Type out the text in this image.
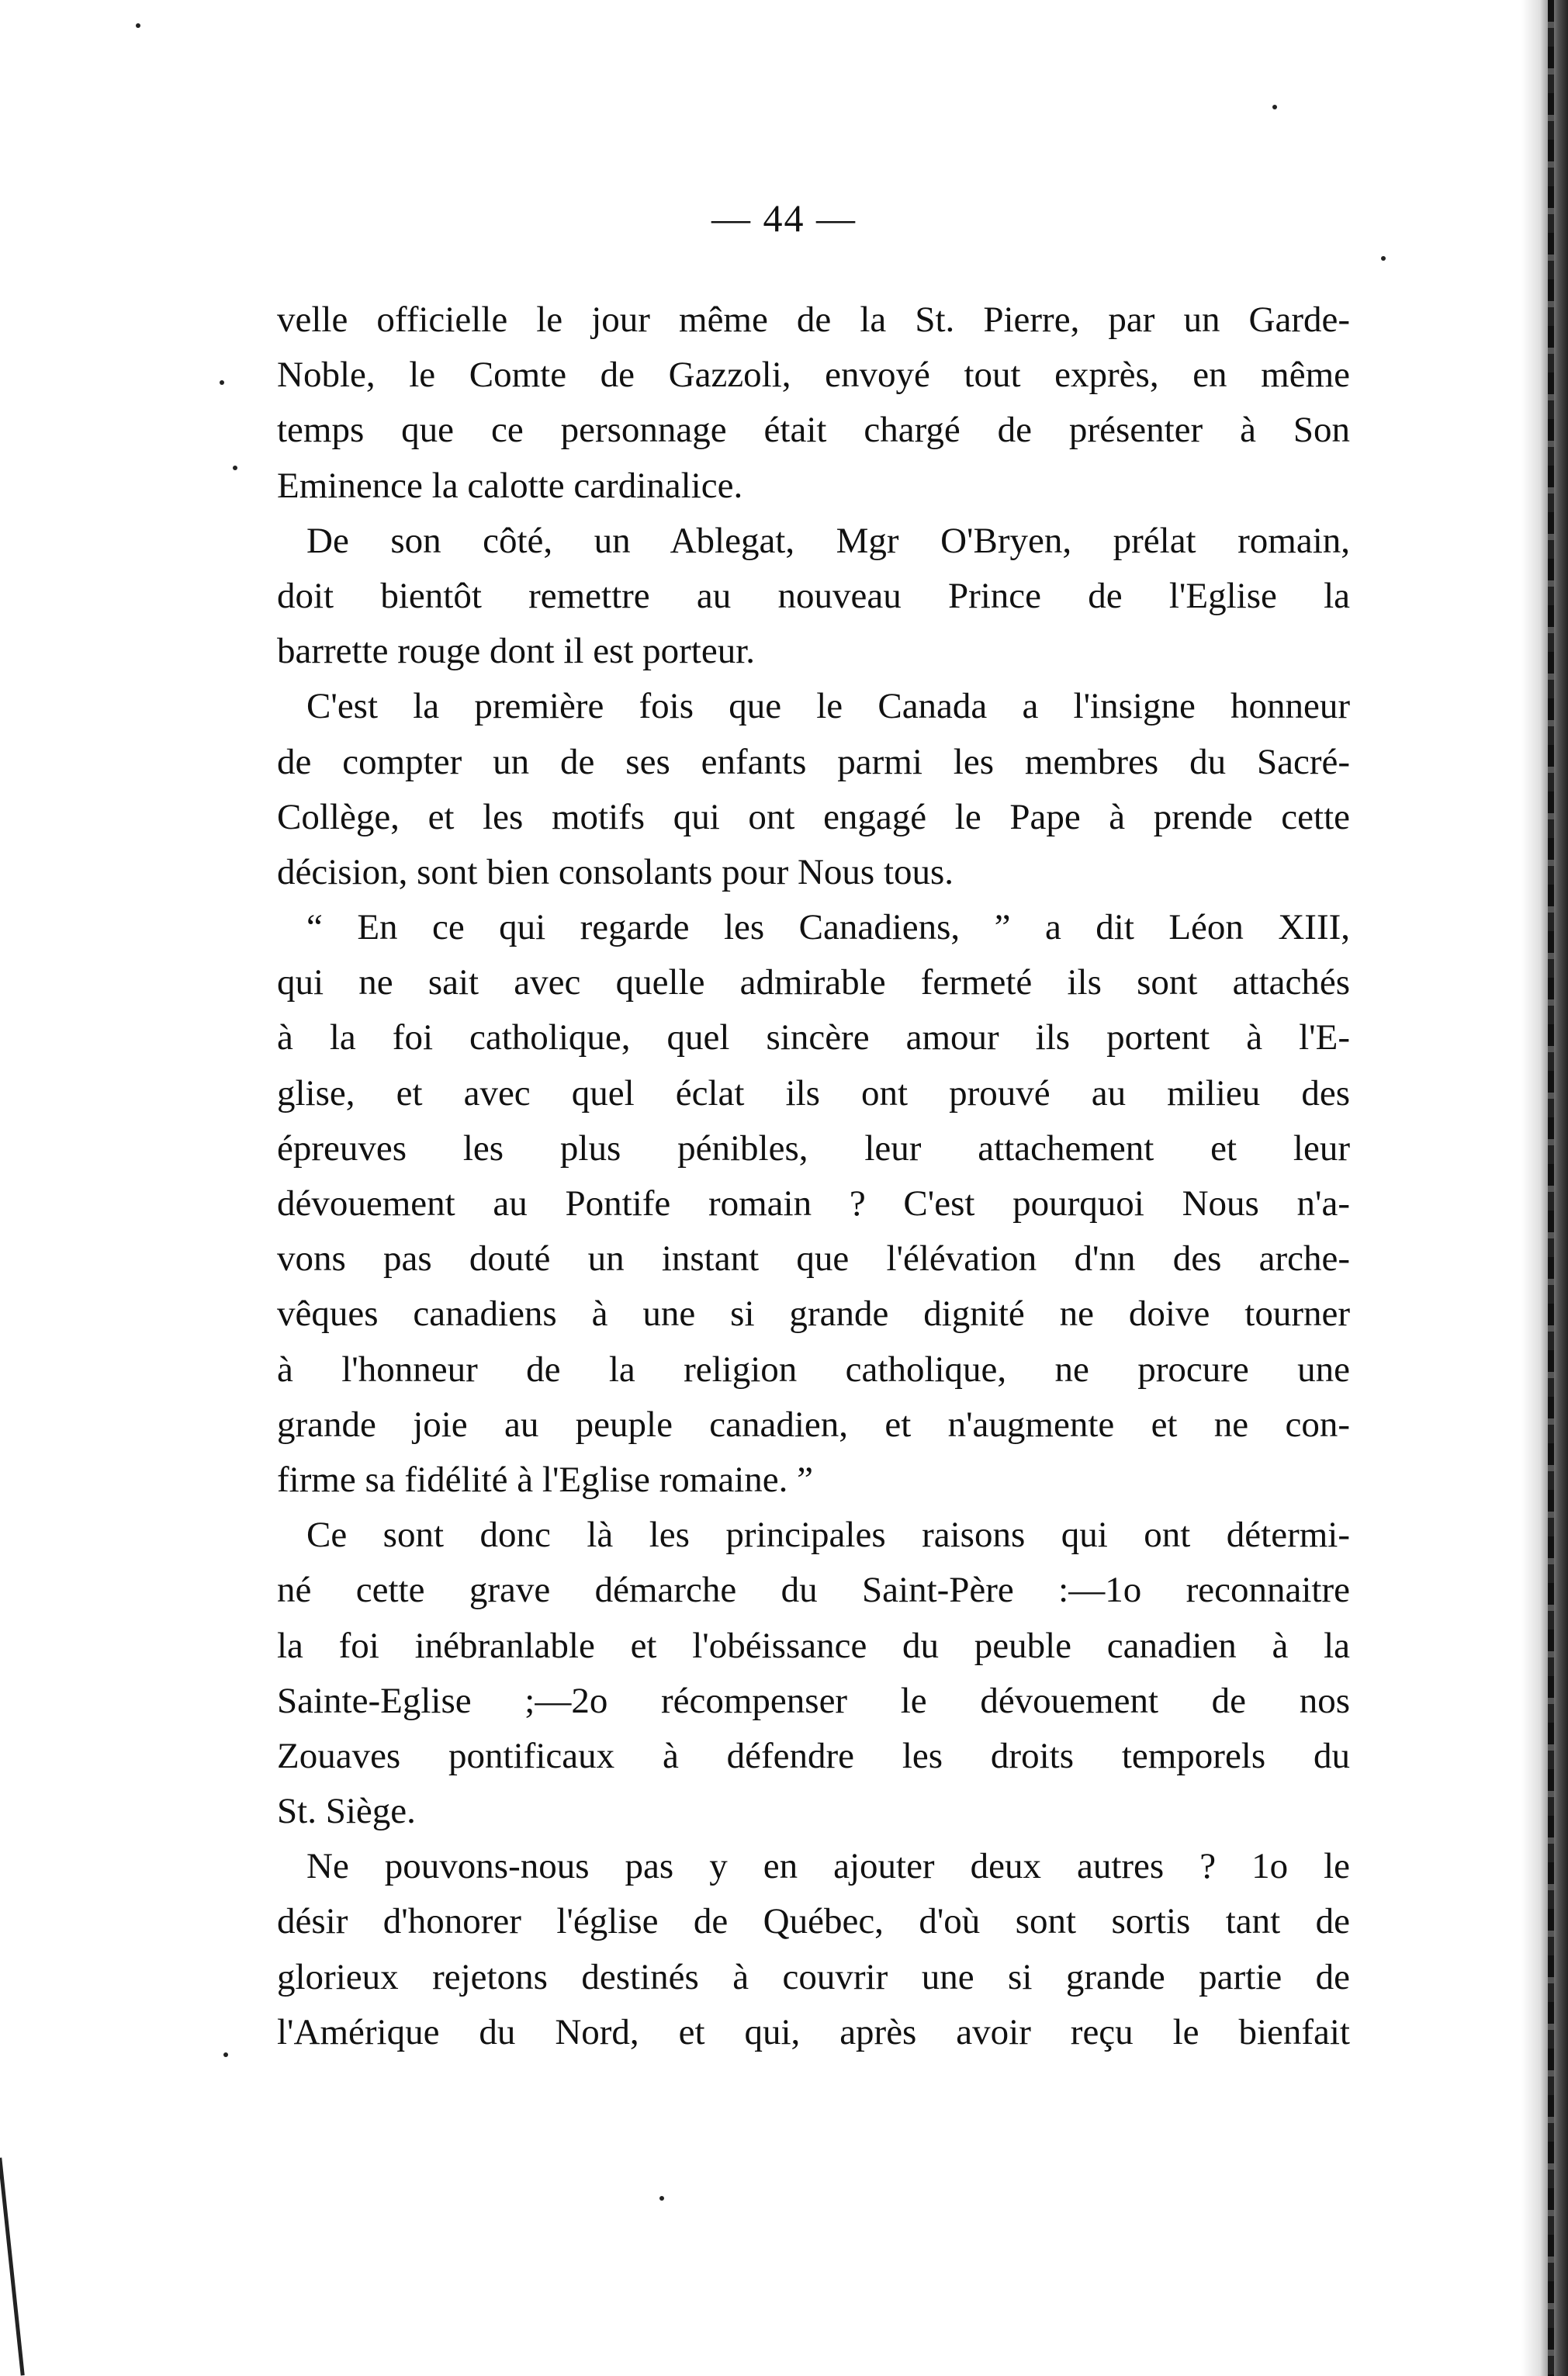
— 44 —
velle officielle le jour même de la St. Pierre, par un Garde-
Noble, le Comte de Gazzoli, envoyé tout exprès, en même
temps que ce personnage était chargé de présenter à Son
Eminence la calotte cardinalice.
De son côté, un Ablegat, Mgr O'Bryen, prélat romain,
doit bientôt remettre au nouveau Prince de l'Eglise la
barrette rouge dont il est porteur.
C'est la première fois que le Canada a l'insigne honneur
de compter un de ses enfants parmi les membres du Sacré-
Collège, et les motifs qui ont engagé le Pape à prende cette
décision, sont bien consolants pour Nous tous.
“ En ce qui regarde les Canadiens, ” a dit Léon XIII,
qui ne sait avec quelle admirable fermeté ils sont attachés
à la foi catholique, quel sincère amour ils portent à l'E-
glise, et avec quel éclat ils ont prouvé au milieu des
épreuves les plus pénibles, leur attachement et leur
dévouement au Pontife romain ? C'est pourquoi Nous n'a-
vons pas douté un instant que l'élévation d'nn des arche-
vêques canadiens à une si grande dignité ne doive tourner
à l'honneur de la religion catholique, ne procure une
grande joie au peuple canadien, et n'augmente et ne con-
firme sa fidélité à l'Eglise romaine. ”
Ce sont donc là les principales raisons qui ont détermi-
né cette grave démarche du Saint-Père :—1o reconnaitre
la foi inébranlable et l'obéissance du peuble canadien à la
Sainte-Eglise ;—2o récompenser le dévouement de nos
Zouaves pontificaux à défendre les droits temporels du
St. Siège.
Ne pouvons-nous pas y en ajouter deux autres ? 1o le
désir d'honorer l'église de Québec, d'où sont sortis tant de
glorieux rejetons destinés à couvrir une si grande partie de
l'Amérique du Nord, et qui, après avoir reçu le bienfait
